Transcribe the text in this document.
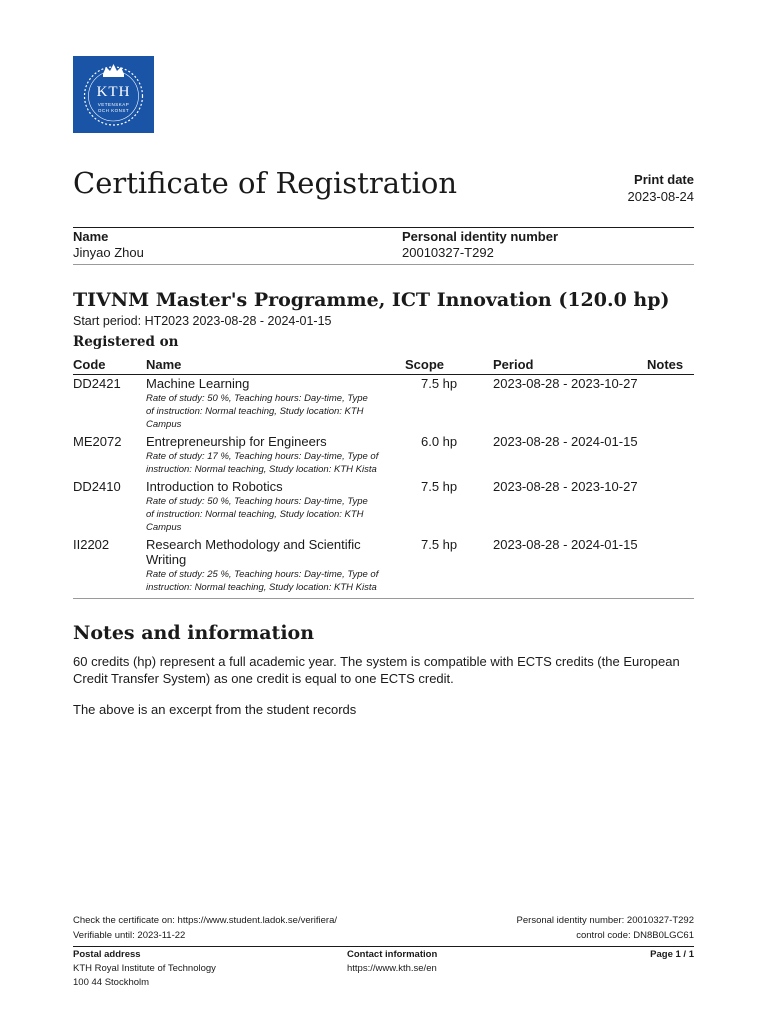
KTH
VETENSKAP
OCH KONST
Certificate of Registration	Print date
2023-08-24
Name
Jinyao Zhou
Personal identity number
20010327-T292
TIVNM Master's Programme, ICT Innovation (120.0 hp)
Start period: HT2023 2023-08-28 - 2024-01-15
Registered on
Code	Name	Scope	Period	Notes
DD2421 Machine Learning
Rate of study: 50 %, Teaching hours: Day-time, Type
of instruction: Normal teaching, Study location: KTH
Campus
7.5 hp	2023-08-28 - 2023-10-27
ME2072 Entrepreneurship for Engineers
Rate of study: 17 %, Teaching hours: Day-time, Type of
instruction: Normal teaching, Study location: KTH Kista
6.0 hp	2023-08-28 - 2024-01-15
DD2410 Introduction to Robotics
Rate of study: 50 %, Teaching hours: Day-time, Type
of instruction: Normal teaching, Study location: KTH
Campus
7.5 hp	2023-08-28 - 2023-10-27
II2202	Research Methodology and Scientific
Writing
Rate of study: 25 %, Teaching hours: Day-time, Type of
instruction: Normal teaching, Study location: KTH Kista
7.5 hp	2023-08-28 - 2024-01-15
Notes and information
60 credits (hp) represent a full academic year. The system is compatible with ECTS credits (the European
Credit Transfer System) as one credit is equal to one ECTS credit.
The above is an excerpt from the student records
Check the certificate on: https://www.student.ladok.se/verifiera/
Verifiable until: 2023-11-22
Personal identity number: 20010327-T292
control code: DN8B0LGC61
Postal address
KTH Royal Institute of Technology
100 44 Stockholm
Contact information
https://www.kth.se/en
Page 1 / 1
